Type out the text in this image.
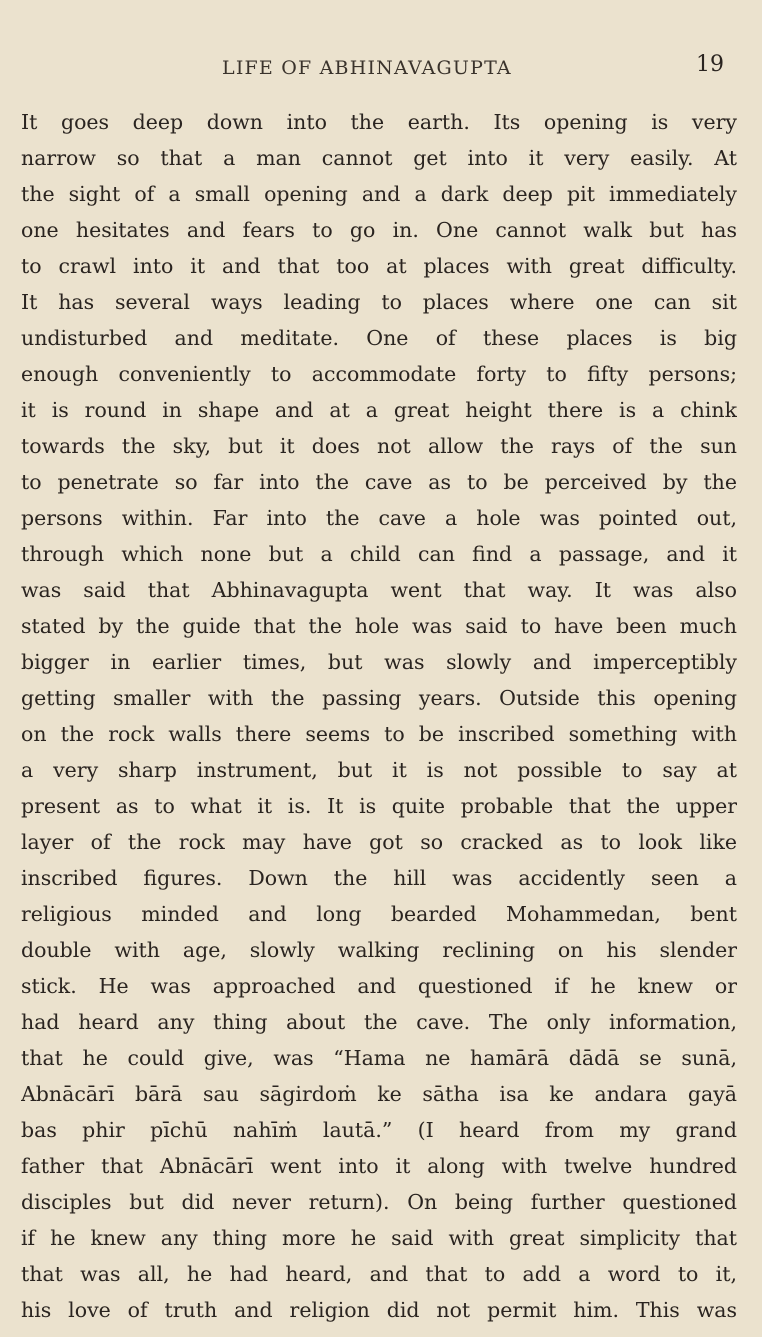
LIFE OF ABHINAVAGUPTA	19
It goes deep down into the earth. Its opening is very
narrow so that a man cannot get into it very easily. At
the sight of a small opening and a dark deep pit immediately
one hesitates and fears to go in. One cannot walk but has
to crawl into it and that too at places with great difficulty.
It has several ways leading to places where one can sit
undisturbed and meditate. One of these places is big
enough conveniently to accommodate forty to fifty persons;
it is round in shape and at a great height there is a chink
towards the sky, but it does not allow the rays of the sun
to penetrate so far into the cave as to be perceived by the
persons within. Far into the cave a hole was pointed out,
through which none but a child can find a passage, and it
was said that Abhinavagupta went that way. It was also
stated by the guide that the hole was said to have been much
bigger in earlier times, but was slowly and imperceptibly
getting smaller with the passing years. Outside this opening
on the rock walls there seems to be inscribed something with
a very sharp instrument, but it is not possible to say at
present as to what it is. It is quite probable that the upper
layer of the rock may have got so cracked as to look like
inscribed figures. Down the hill was accidently seen a
religious minded and long bearded Mohammedan, bent
double with age, slowly walking reclining on his slender
stick. He was approached and questioned if he knew or
had heard any thing about the cave. The only information,
that he could give, was “Hama ne hamārā dādā se sunā,
Abnācārī bārā sau sāgirdoṁ ke sātha isa ke andara gayā
bas phir pīchū nahīṁ lautā.” (I heard from my grand
father that Abnācārī went into it along with twelve hundred
disciples but did never return). On being further questioned
if he knew any thing more he said with great simplicity that
that was all, he had heard, and that to add a word to it,
his love of truth and religion did not permit him. This was
